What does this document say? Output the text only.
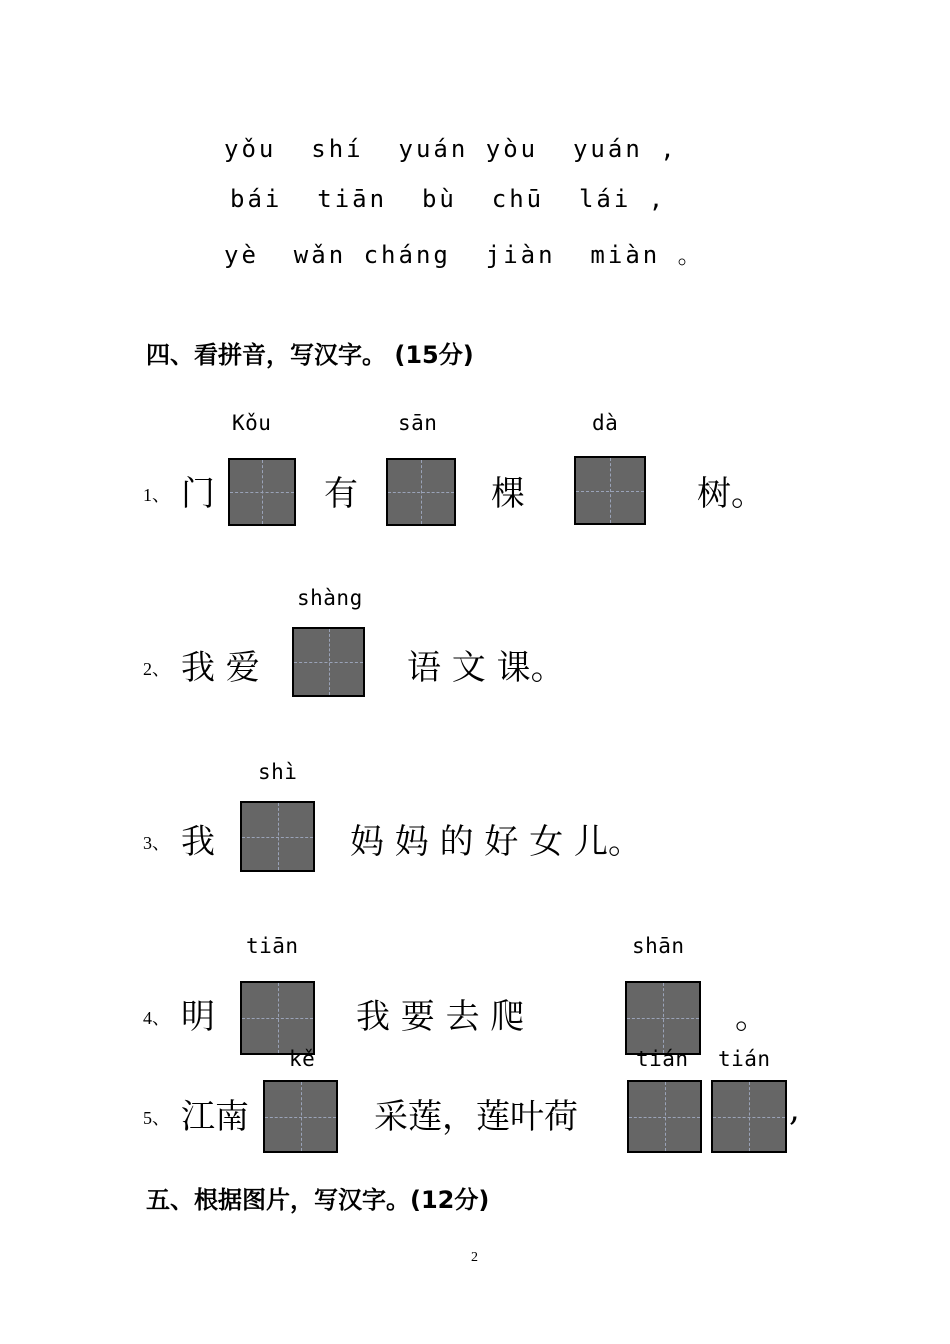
yǒu  shí  yuán yòu  yuán ,
bái  tiān  bù  chū  lái ,
yè  wǎn cháng  jiàn  miàn 。
四、看拼音，写汉字。 (15分)
Kǒu	sān	dà
1、 门	有	棵	树。
shàng
2、 我 爱	语 文 课。
shì
3、 我	妈 妈 的 好 女 儿。
tiān	shān
4、 明	我 要 去 爬	。
kě	tián tián
5、 江南	采莲，莲叶荷	,
五、根据图片，写汉字。(12分)
2
